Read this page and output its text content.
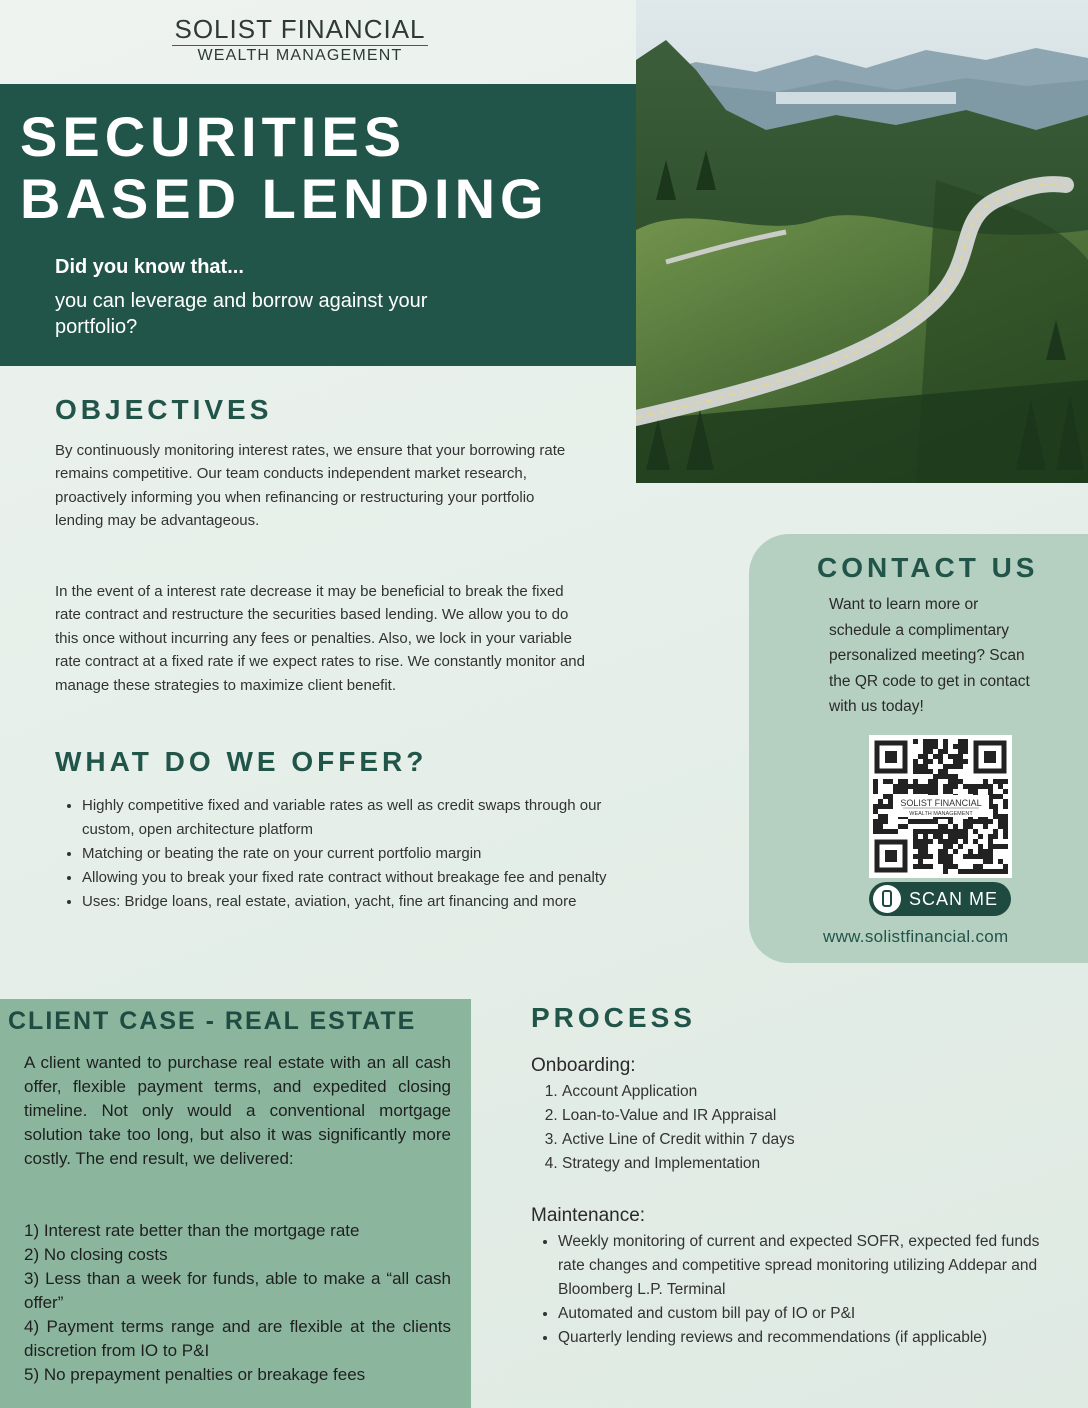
SOLIST FINANCIAL
WEALTH MANAGEMENT
SECURITIES
BASED LENDING
Did you know that...
you can leverage and borrow against your portfolio?
OBJECTIVES
By continuously monitoring interest rates, we ensure that your borrowing rate remains competitive. Our team conducts independent market research, proactively informing you when refinancing or restructuring your portfolio lending may be advantageous.
In the event of a interest rate decrease it may be beneficial to break the fixed rate contract and restructure the securities based lending. We allow you to do this once without incurring any fees or penalties. Also, we lock in your variable rate contract at a fixed rate if we expect rates to rise. We constantly monitor and manage these strategies to maximize client benefit.
WHAT DO WE OFFER?
• Highly competitive fixed and variable rates as well as credit swaps through our custom, open architecture platform
• Matching or beating the rate on your current portfolio margin
• Allowing you to break your fixed rate contract without breakage fee and penalty
• Uses: Bridge loans, real estate, aviation, yacht, fine art financing and more
CONTACT US
Want to learn more or schedule a complimentary personalized meeting? Scan the QR code to get in contact with us today!
SOLIST FINANCIAL
WEALTH MANAGEMENT
SCAN ME
www.solistfinancial.com
CLIENT CASE - REAL ESTATE
A client wanted to purchase real estate with an all cash offer, flexible payment terms, and expedited closing timeline. Not only would a conventional mortgage solution take too long, but also it was significantly more costly. The end result, we delivered:
1) Interest rate better than the mortgage rate
2) No closing costs
3) Less than a week for funds, able to make a “all cash offer”
4) Payment terms range and are flexible at the clients discretion from IO to P&I
5) No prepayment penalties or breakage fees
PROCESS
Onboarding:
1. Account Application
2. Loan-to-Value and IR Appraisal
3. Active Line of Credit within 7 days
4. Strategy and Implementation
Maintenance:
• Weekly monitoring of current and expected SOFR, expected fed funds rate changes and competitive spread monitoring utilizing Addepar and Bloomberg L.P. Terminal
• Automated and custom bill pay of IO or P&I
• Quarterly lending reviews and recommendations (if applicable)
